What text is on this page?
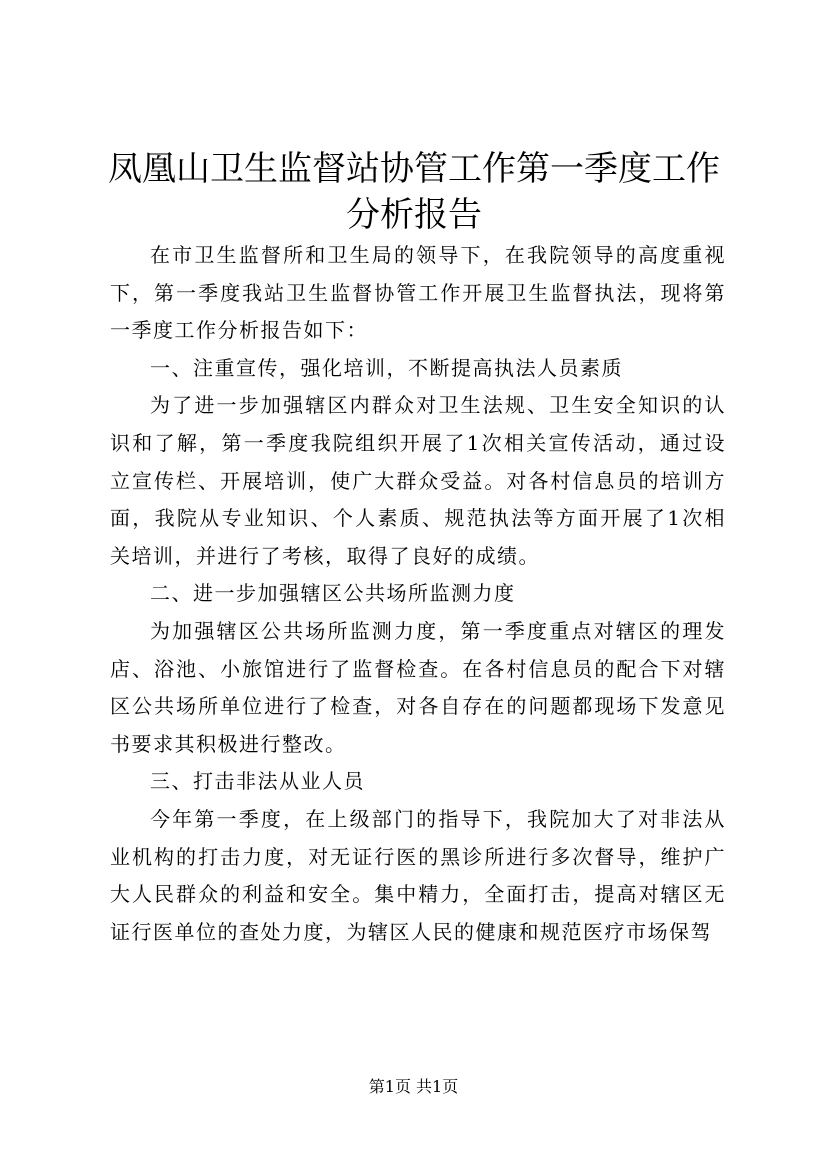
凤凰山卫生监督站协管工作第一季度工作分析报告

在市卫生监督所和卫生局的领导下，在我院领导的高度重视下，第一季度我站卫生监督协管工作开展卫生监督执法，现将第一季度工作分析报告如下：

一、注重宣传，强化培训，不断提高执法人员素质

为了进一步加强辖区内群众对卫生法规、卫生安全知识的认识和了解，第一季度我院组织开展了1次相关宣传活动，通过设立宣传栏、开展培训，使广大群众受益。对各村信息员的培训方面，我院从专业知识、个人素质、规范执法等方面开展了1次相关培训，并进行了考核，取得了良好的成绩。

二、进一步加强辖区公共场所监测力度

为加强辖区公共场所监测力度，第一季度重点对辖区的理发店、浴池、小旅馆进行了监督检查。在各村信息员的配合下对辖区公共场所单位进行了检查，对各自存在的问题都现场下发意见书要求其积极进行整改。

三、打击非法从业人员

今年第一季度，在上级部门的指导下，我院加大了对非法从业机构的打击力度，对无证行医的黑诊所进行多次督导，维护广大人民群众的利益和安全。集中精力，全面打击，提高对辖区无证行医单位的查处力度，为辖区人民的健康和规范医疗市场保驾

第1页 共1页
